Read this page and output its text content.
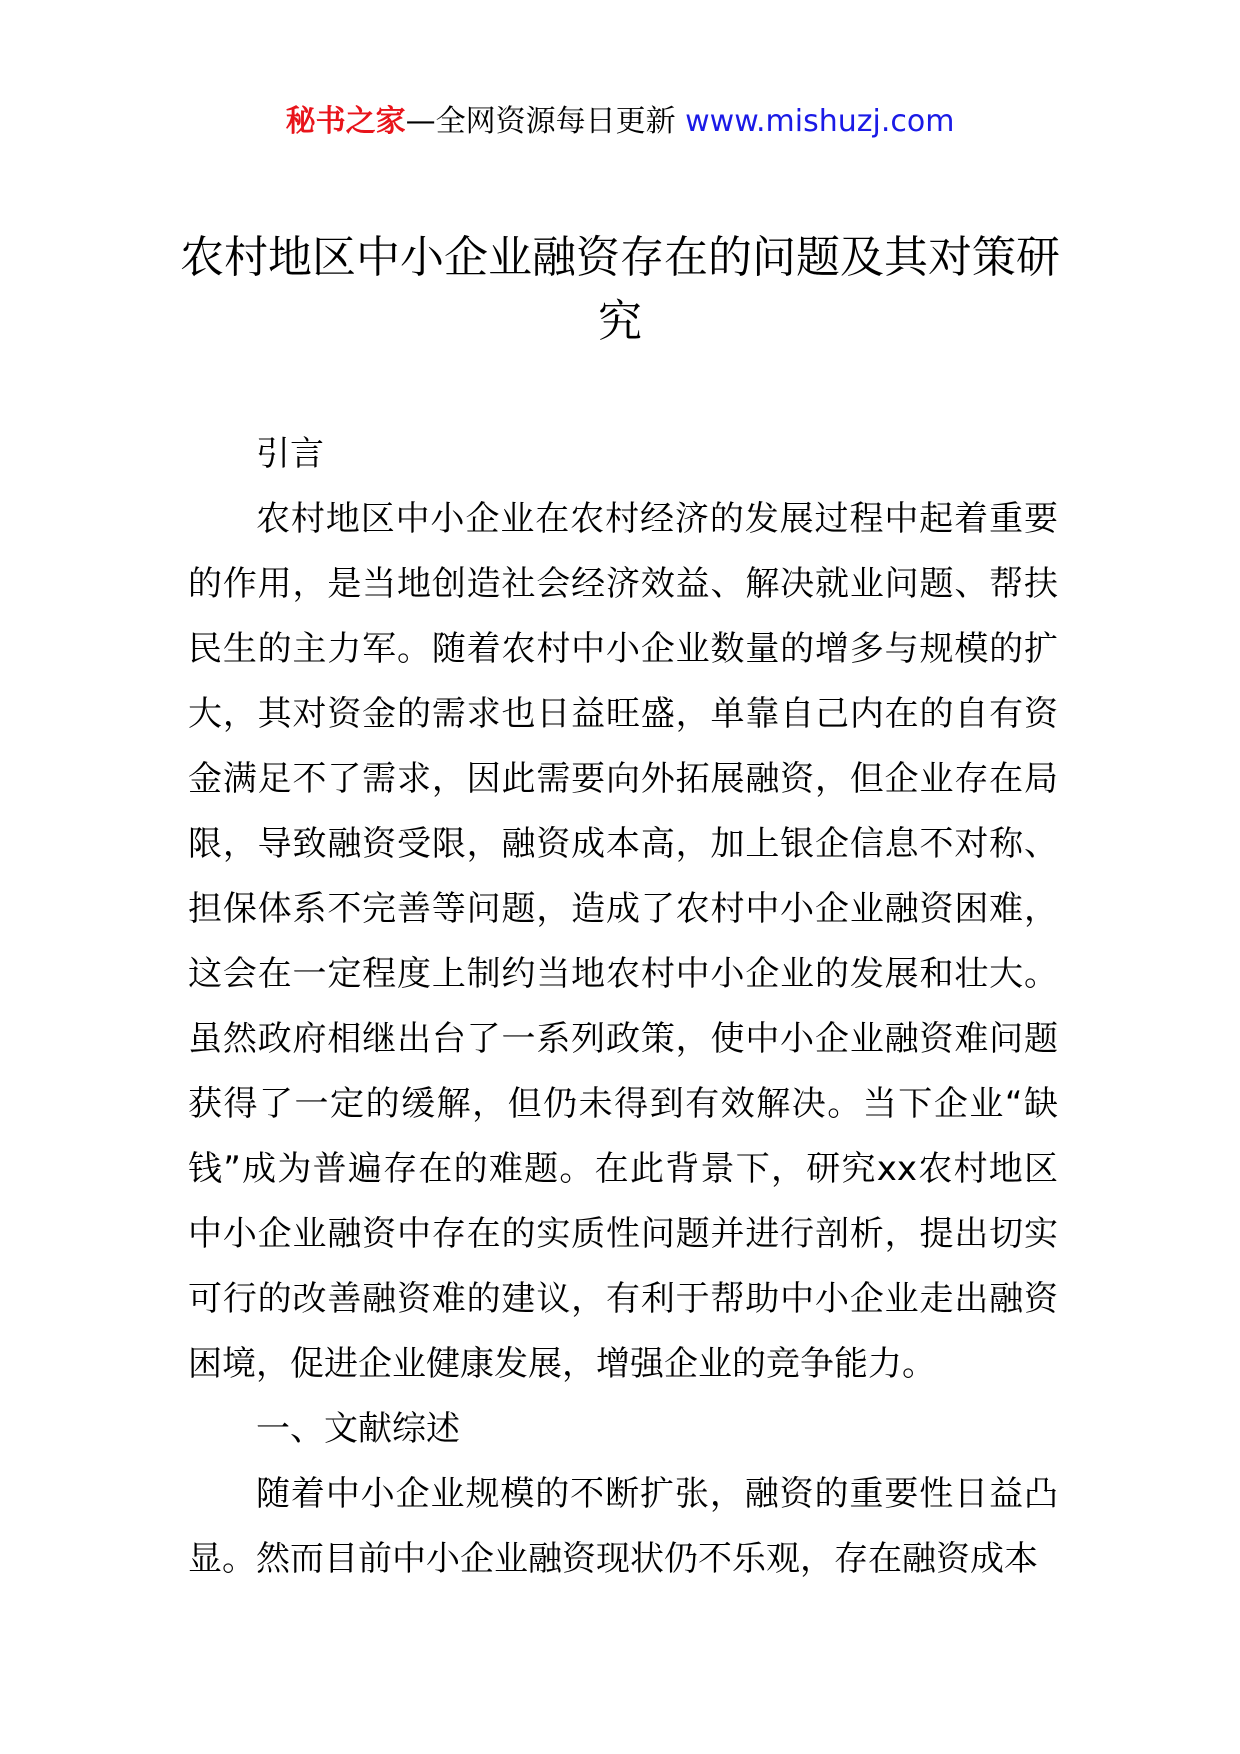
秘书之家—全网资源每日更新 www.mishuzj.com
农村地区中小企业融资存在的问题及其对策研究

引言

农村地区中小企业在农村经济的发展过程中起着重要的作用，是当地创造社会经济效益、解决就业问题、帮扶民生的主力军。随着农村中小企业数量的增多与规模的扩大，其对资金的需求也日益旺盛，单靠自己内在的自有资金满足不了需求，因此需要向外拓展融资，但企业存在局限，导致融资受限，融资成本高，加上银企信息不对称、担保体系不完善等问题，造成了农村中小企业融资困难，这会在一定程度上制约当地农村中小企业的发展和壮大。虽然政府相继出台了一系列政策，使中小企业融资难问题获得了一定的缓解，但仍未得到有效解决。当下企业“缺钱”成为普遍存在的难题。在此背景下，研究xx农村地区中小企业融资中存在的实质性问题并进行剖析，提出切实可行的改善融资难的建议，有利于帮助中小企业走出融资困境，促进企业健康发展，增强企业的竞争能力。

一、文献综述

随着中小企业规模的不断扩张，融资的重要性日益凸显。然而目前中小企业融资现状仍不乐观，存在融资成本
